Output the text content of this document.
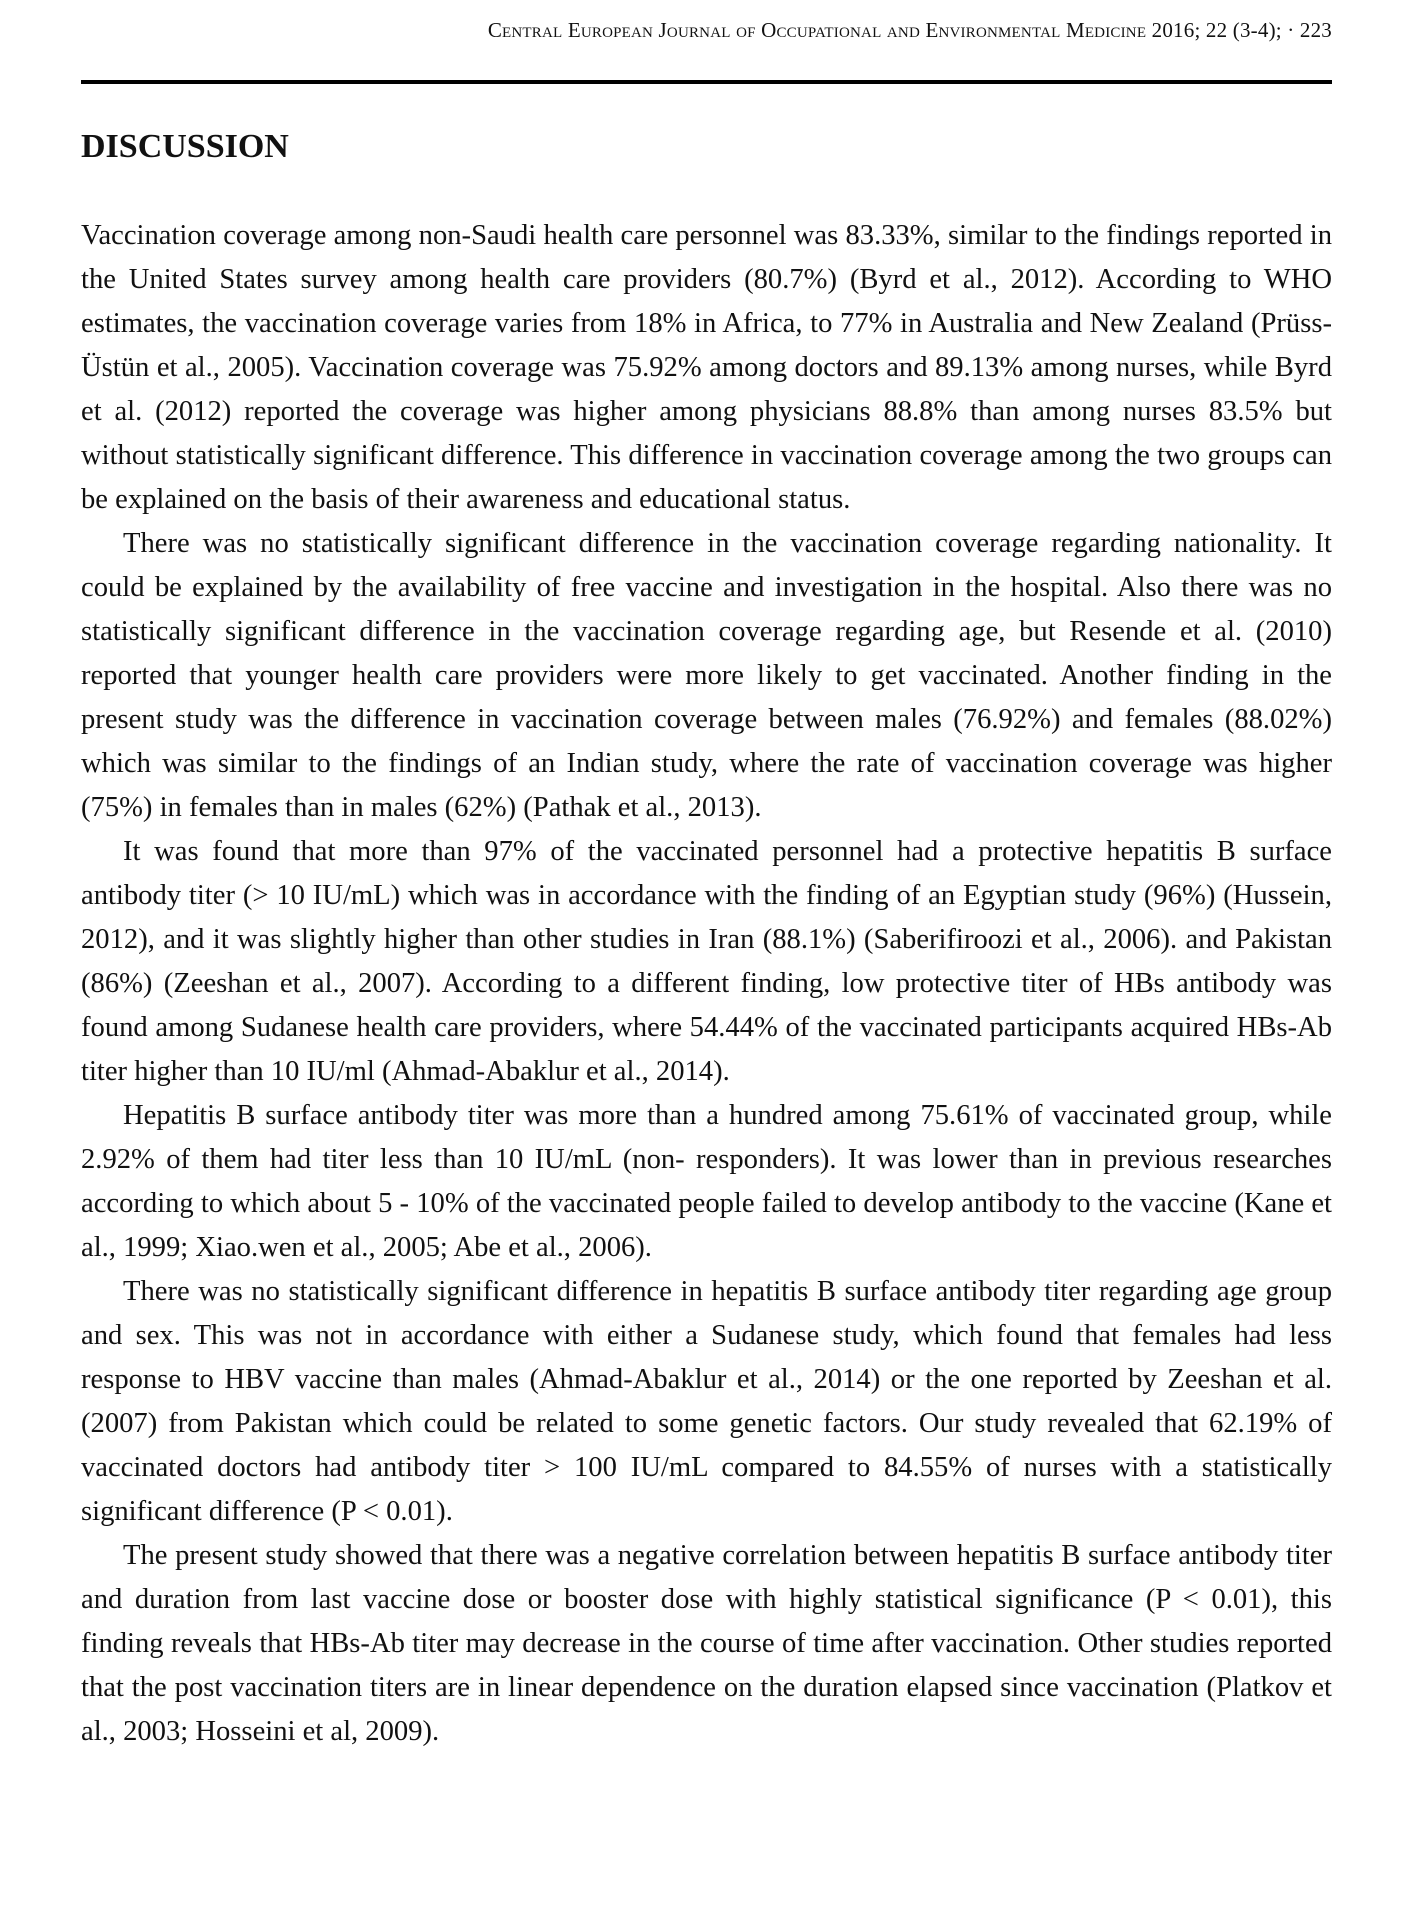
Central European Journal of Occupational and Environmental Medicine 2016; 22 (3-4); · 223
DISCUSSION

Vaccination coverage among non-Saudi health care personnel was 83.33%, similar to the findings reported in the United States survey among health care providers (80.7%) (Byrd et al., 2012). According to WHO estimates, the vaccination coverage varies from 18% in Africa, to 77% in Australia and New Zealand (Prüss-Üstün et al., 2005). Vaccination coverage was 75.92% among doctors and 89.13% among nurses, while Byrd et al. (2012) reported the coverage was higher among physicians 88.8% than among nurses 83.5% but without statistically significant difference. This difference in vaccination coverage among the two groups can be explained on the basis of their awareness and educational status.

There was no statistically significant difference in the vaccination coverage regarding nationality. It could be explained by the availability of free vaccine and investigation in the hospital. Also there was no statistically significant difference in the vaccination coverage regarding age, but Resende et al. (2010) reported that younger health care providers were more likely to get vaccinated. Another finding in the present study was the difference in vaccination coverage between males (76.92%) and females (88.02%) which was similar to the findings of an Indian study, where the rate of vaccination coverage was higher (75%) in females than in males (62%) (Pathak et al., 2013).

It was found that more than 97% of the vaccinated personnel had a protective hepatitis B surface antibody titer (> 10 IU/mL) which was in accordance with the finding of an Egyptian study (96%) (Hussein, 2012), and it was slightly higher than other studies in Iran (88.1%) (Saberifiroozi et al., 2006). and Pakistan (86%) (Zeeshan et al., 2007). According to a different finding, low protective titer of HBs antibody was found among Sudanese health care providers, where 54.44% of the vaccinated participants acquired HBs-Ab titer higher than 10 IU/ml (Ahmad-Abaklur et al., 2014).

Hepatitis B surface antibody titer was more than a hundred among 75.61% of vaccinated group, while 2.92% of them had titer less than 10 IU/mL (non- responders). It was lower than in previous researches according to which about 5 - 10% of the vaccinated people failed to develop antibody to the vaccine (Kane et al., 1999; Xiao.wen et al., 2005; Abe et al., 2006).

There was no statistically significant difference in hepatitis B surface antibody titer regarding age group and sex. This was not in accordance with either a Sudanese study, which found that females had less response to HBV vaccine than males (Ahmad-Abaklur et al., 2014) or the one reported by Zeeshan et al. (2007) from Pakistan which could be related to some genetic factors. Our study revealed that 62.19% of vaccinated doctors had antibody titer > 100 IU/mL compared to 84.55% of nurses with a statistically significant difference (P < 0.01).

The present study showed that there was a negative correlation between hepatitis B surface antibody titer and duration from last vaccine dose or booster dose with highly statistical significance (P < 0.01), this finding reveals that HBs-Ab titer may decrease in the course of time after vaccination. Other studies reported that the post vaccination titers are in linear dependence on the duration elapsed since vaccination (Platkov et al., 2003; Hosseini et al, 2009).
